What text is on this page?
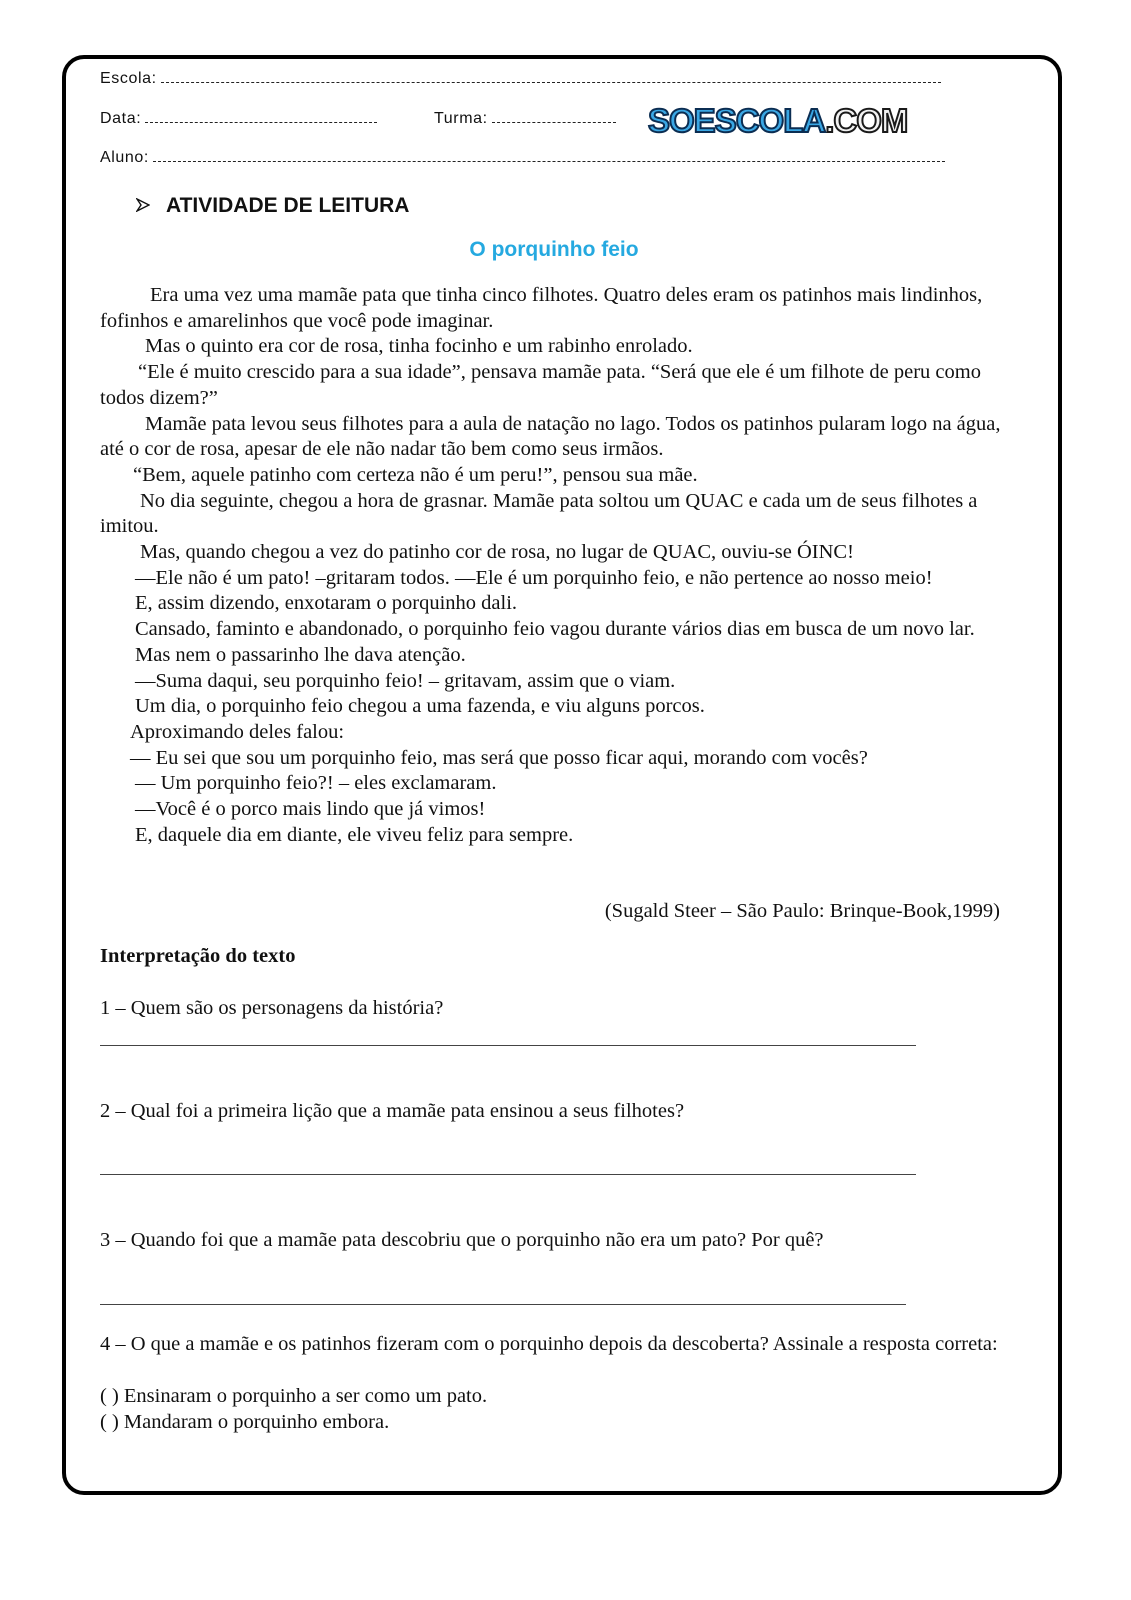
Escola:
Data:	Turma:
Aluno:
SOESCOLA.COM
ATIVIDADE DE LEITURA
O porquinho feio

Era uma vez uma mamãe pata que tinha cinco filhotes. Quatro deles eram os patinhos mais lindinhos, fofinhos e amarelinhos que você pode imaginar.

Mas o quinto era cor de rosa, tinha focinho e um rabinho enrolado.

“Ele é muito crescido para a sua idade”, pensava mamãe pata. “Será que ele é um filhote de peru como todos dizem?”

Mamãe pata levou seus filhotes para a aula de natação no lago. Todos os patinhos pularam logo na água, até o cor de rosa, apesar de ele não nadar tão bem como seus irmãos.

“Bem, aquele patinho com certeza não é um peru!”, pensou sua mãe.

No dia seguinte, chegou a hora de grasnar. Mamãe pata soltou um QUAC e cada um de seus filhotes a imitou.

Mas, quando chegou a vez do patinho cor de rosa, no lugar de QUAC, ouviu-se ÓINC!

—Ele não é um pato! –gritaram todos. —Ele é um porquinho feio, e não pertence ao nosso meio!

E, assim dizendo, enxotaram o porquinho dali.

Cansado, faminto e abandonado, o porquinho feio vagou durante vários dias em busca de um novo lar.

Mas nem o passarinho lhe dava atenção.

—Suma daqui, seu porquinho feio! – gritavam, assim que o viam.

Um dia, o porquinho feio chegou a uma fazenda, e viu alguns porcos.

Aproximando deles falou:

— Eu sei que sou um porquinho feio, mas será que posso ficar aqui, morando com vocês?

— Um porquinho feio?! – eles exclamaram.

—Você é o porco mais lindo que já vimos!

E, daquele dia em diante, ele viveu feliz para sempre.

(Sugald Steer – São Paulo: Brinque-Book,1999)
Interpretação do texto
1 – Quem são os personagens da história?
2 – Qual foi a primeira lição que a mamãe pata ensinou a seus filhotes?
3 – Quando foi que a mamãe pata descobriu que o porquinho não era um pato? Por quê?
4 – O que a mamãe e os patinhos fizeram com o porquinho depois da descoberta? Assinale a resposta correta:
( ) Ensinaram o porquinho a ser como um pato.
( ) Mandaram o porquinho embora.
